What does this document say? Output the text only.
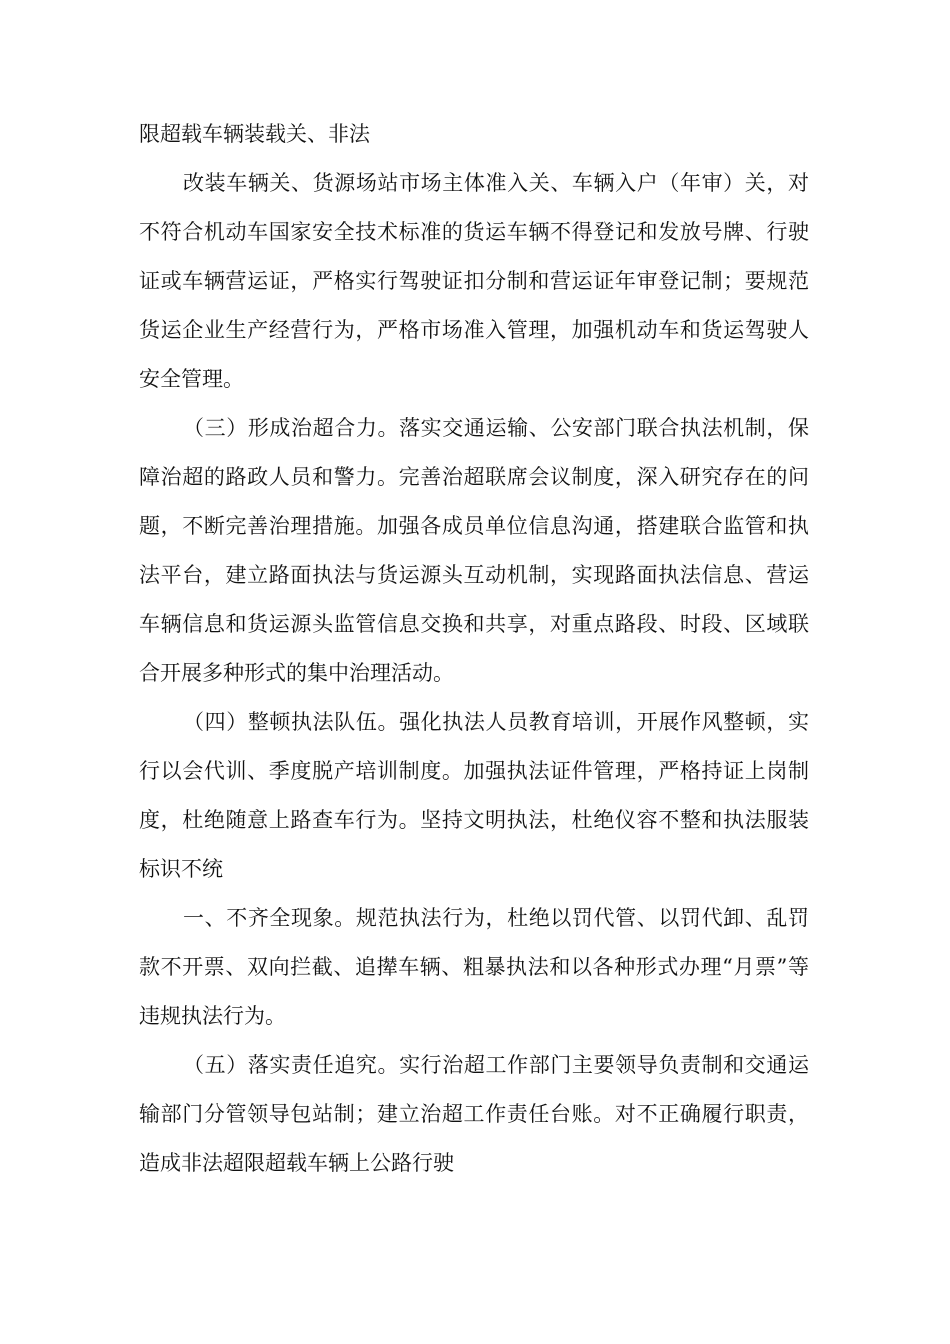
限超载车辆装载关、非法

改装车辆关、货源场站市场主体准入关、车辆入户（年审）关，对不符合机动车国家安全技术标准的货运车辆不得登记和发放号牌、行驶证或车辆营运证，严格实行驾驶证扣分制和营运证年审登记制；要规范货运企业生产经营行为，严格市场准入管理，加强机动车和货运驾驶人安全管理。

（三）形成治超合力。落实交通运输、公安部门联合执法机制，保障治超的路政人员和警力。完善治超联席会议制度，深入研究存在的问题，不断完善治理措施。加强各成员单位信息沟通，搭建联合监管和执法平台，建立路面执法与货运源头互动机制，实现路面执法信息、营运车辆信息和货运源头监管信息交换和共享，对重点路段、时段、区域联合开展多种形式的集中治理活动。

（四）整顿执法队伍。强化执法人员教育培训，开展作风整顿，实行以会代训、季度脱产培训制度。加强执法证件管理，严格持证上岗制度，杜绝随意上路查车行为。坚持文明执法，杜绝仪容不整和执法服装标识不统

一、不齐全现象。规范执法行为，杜绝以罚代管、以罚代卸、乱罚款不开票、双向拦截、追撵车辆、粗暴执法和以各种形式办理“月票”等违规执法行为。

（五）落实责任追究。实行治超工作部门主要领导负责制和交通运输部门分管领导包站制；建立治超工作责任台账。对不正确履行职责，造成非法超限超载车辆上公路行驶
